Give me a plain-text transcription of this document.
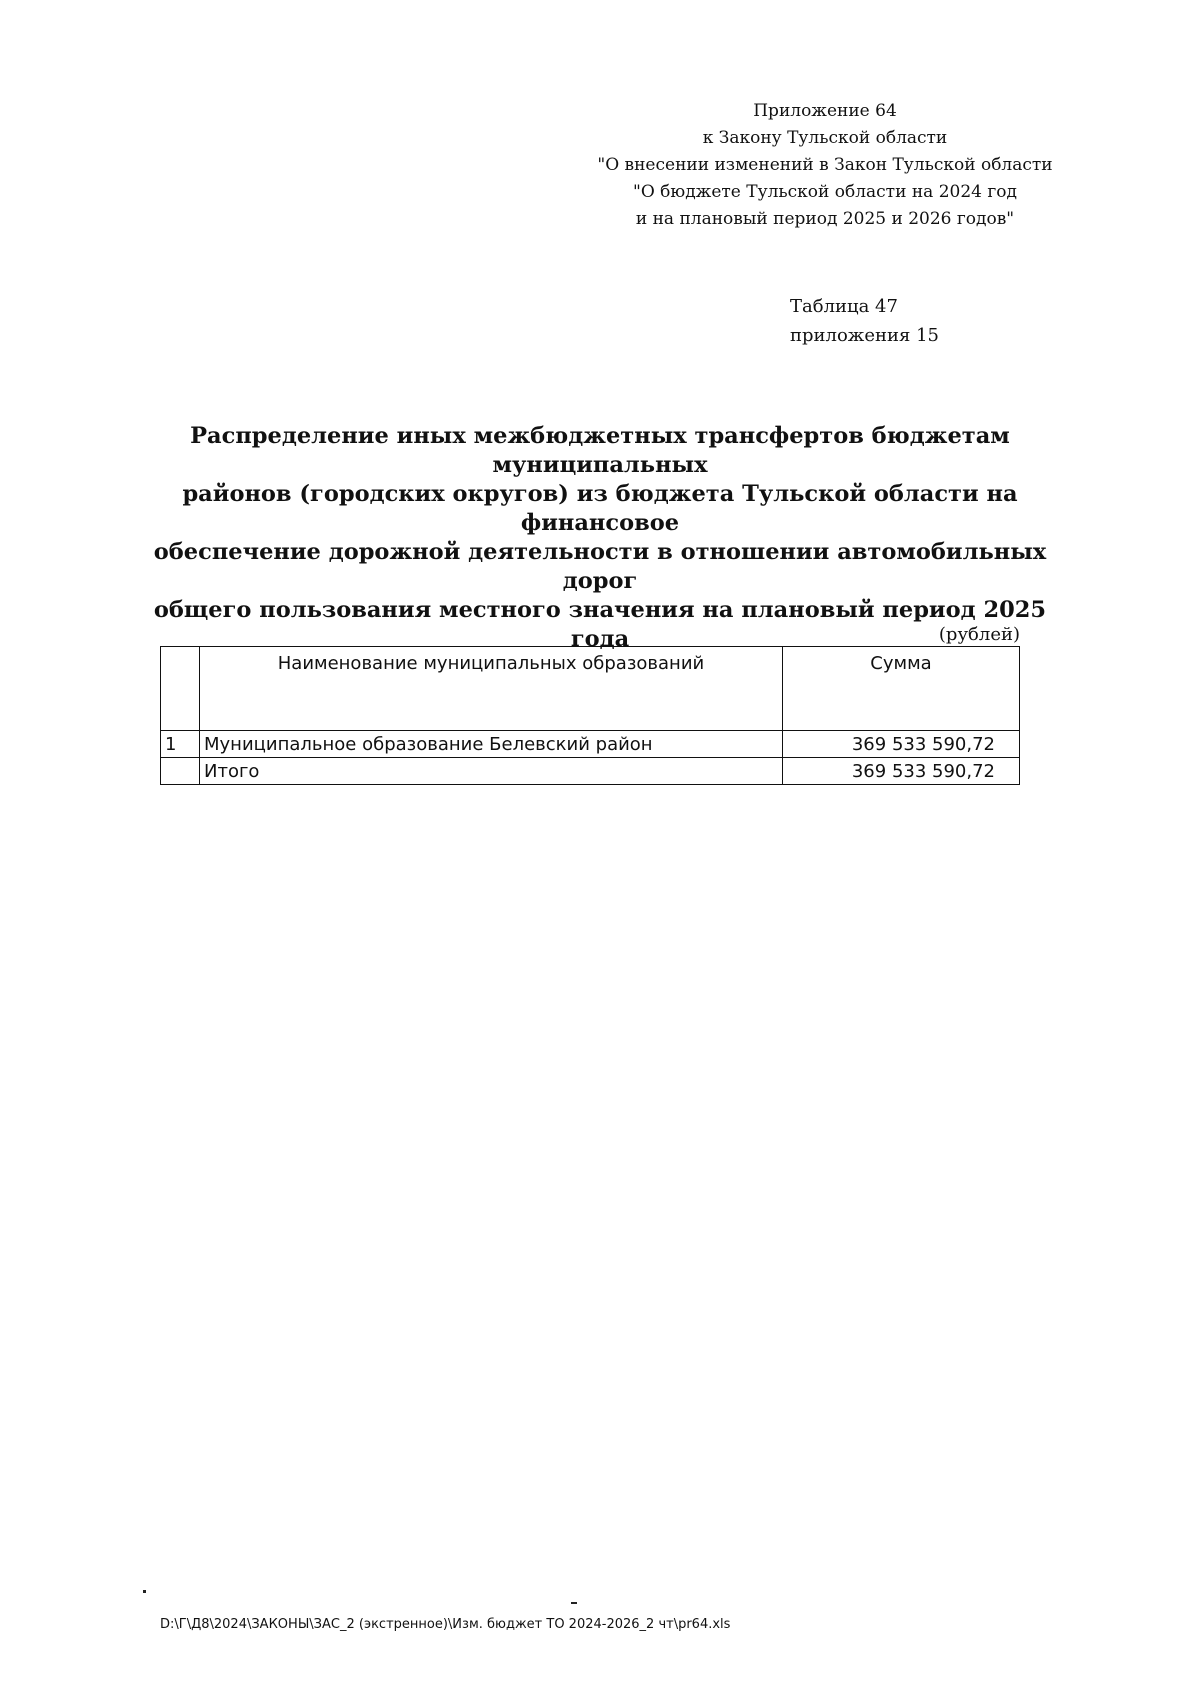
Приложение 64
к Закону Тульской области
"О внесении изменений в Закон Тульской области
"О бюджете Тульской области на 2024 год
и на плановый период 2025 и 2026 годов"
Таблица 47
приложения 15
Распределение иных межбюджетных трансфертов бюджетам муниципальных
районов (городских округов) из бюджета Тульской области на финансовое
обеспечение дорожной деятельности в отношении автомобильных дорог
общего пользования местного значения на плановый период 2025 года	(рублей)
	Наименование муниципальных образований	Сумма
1	Муниципальное образование Белевский район	369 533 590,72
	Итого	369 533 590,72
D:\Г\Д8\2024\ЗАКОНЫ\ЗАС_2 (экстренное)\Изм. бюджет ТО 2024-2026_2 чт\pr64.xls
